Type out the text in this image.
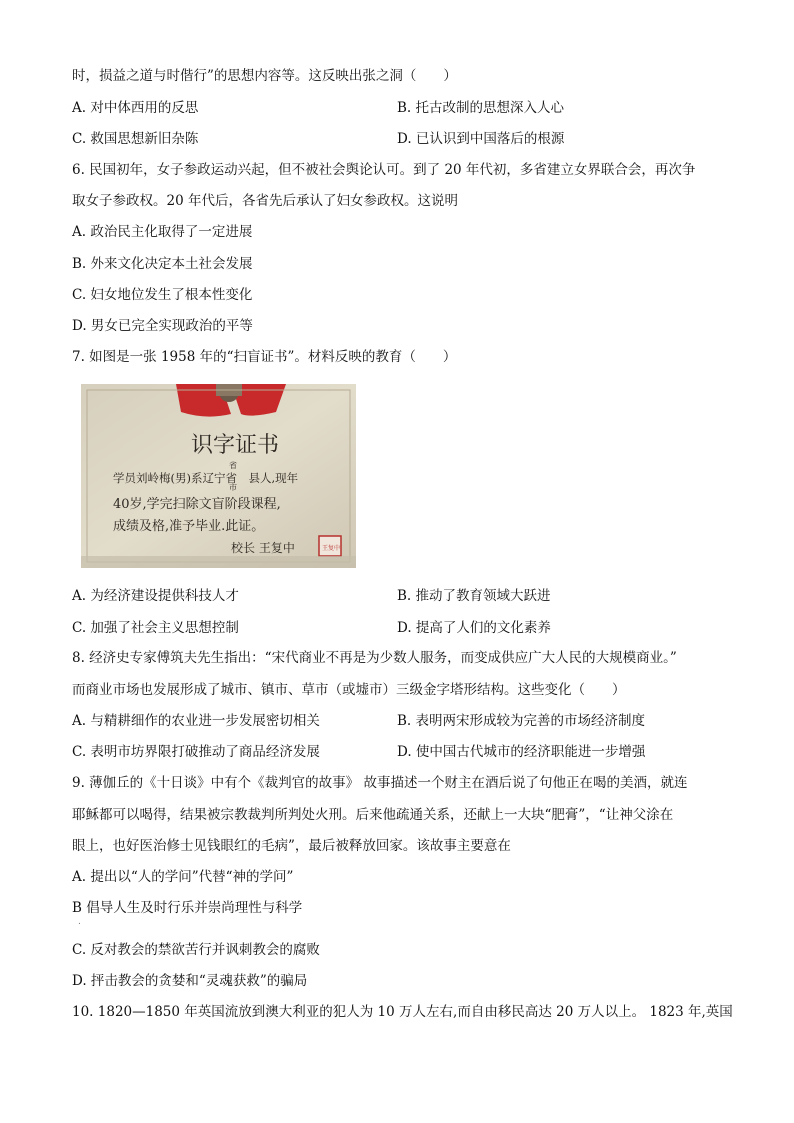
时，损益之道与时偕行”的思想内容等。这反映出张之洞（　　）
A. 对中体西用的反思	B. 托古改制的思想深入人心
C. 救国思想新旧杂陈	D. 已认识到中国落后的根源
6. 民国初年，女子参政运动兴起，但不被社会舆论认可。到了 20 年代初，多省建立女界联合会，再次争
取女子参政权。20 年代后，各省先后承认了妇女参政权。这说明
A. 政治民主化取得了一定进展
B. 外来文化决定本土社会发展
C. 妇女地位发生了根本性变化
D. 男女已完全实现政治的平等
7. 如图是一张 1958 年的“扫盲证书”。材料反映的教育（　　）
识字证书
学员刘岭梅(男)系辽宁省　县人,现年
省
市
40岁,学完扫除文盲阶段课程,
成绩及格,准予毕业.此证。
校长 王复中	王复中
A. 为经济建设提供科技人才	B. 推动了教育领域大跃进
C. 加强了社会主义思想控制	D. 提高了人们的文化素养
8. 经济史专家傅筑夫先生指出：“宋代商业不再是为少数人服务，而变成供应广大人民的大规模商业。”
而商业市场也发展形成了城市、镇市、草市（或墟市）三级金字塔形结构。这些变化（　　）
A. 与精耕细作的农业进一步发展密切相关	B. 表明两宋形成较为完善的市场经济制度
C. 表明市坊界限打破推动了商品经济发展	D. 使中国古代城市的经济职能进一步增强
9. 薄伽丘的《十日谈》中有个《裁判官的故事》 故事描述一个财主在酒后说了句他正在喝的美酒，就连
耶稣都可以喝得，结果被宗教裁判所判处火刑。后来他疏通关系，还献上一大块“肥膏”，“让神父涂在
眼上，也好医治修士见钱眼红的毛病”，最后被释放回家。该故事主要意在
A. 提出以“人的学问”代替“神的学问”
B 倡导人生及时行乐并崇尚理性与科学
.
C. 反对教会的禁欲苦行并讽刺教会的腐败
D. 抨击教会的贪婪和“灵魂获救”的骗局
10. 1820—1850 年英国流放到澳大利亚的犯人为 10 万人左右,而自由移民高达 20 万人以上。 1823 年,英国
